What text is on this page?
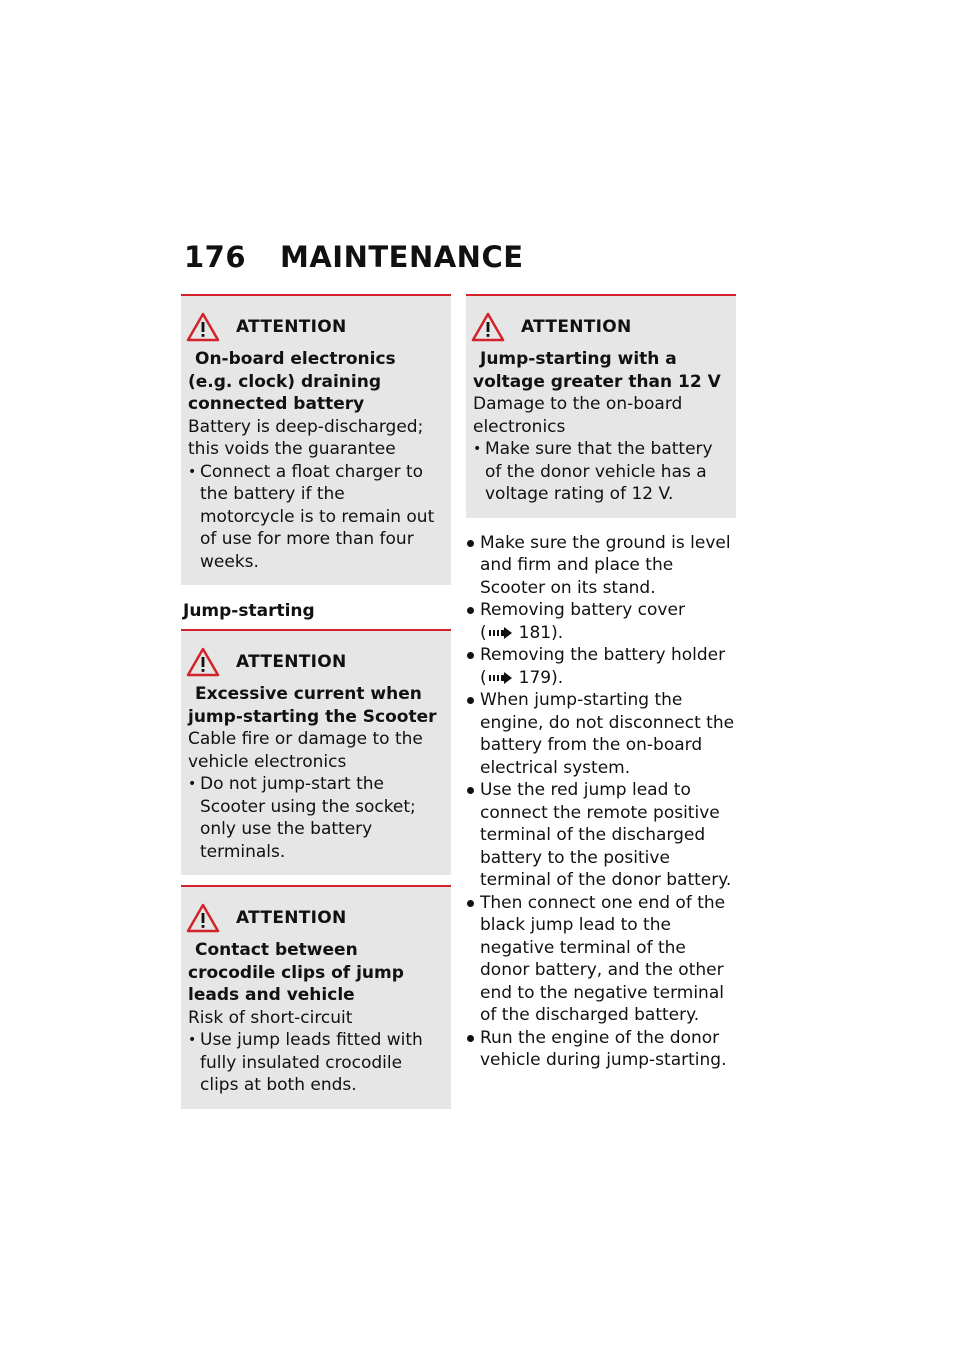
176 MAINTENANCE
ATTENTION
On-board electronics (e.g. clock) draining connected battery

Battery is deep-discharged; this voids the guarantee

• Connect a float charger to the battery if the motorcycle is to remain out of use for more than four weeks.
Jump-starting
ATTENTION
Excessive current when jump-starting the Scooter

Cable fire or damage to the vehicle electronics

• Do not jump-start the Scooter using the socket; only use the battery terminals.
ATTENTION
Contact between crocodile clips of jump leads and vehicle

Risk of short-circuit

• Use jump leads fitted with fully insulated crocodile clips at both ends.
ATTENTION
Jump-starting with a voltage greater than 12 V

Damage to the on-board electronics

• Make sure that the battery of the donor vehicle has a voltage rating of 12 V.
Make sure the ground is level and firm and place the Scooter on its stand.
Removing battery cover

( 181).
Removing the battery holder

( 179).
When jump-starting the engine, do not disconnect the battery from the on-board electrical system.
Use the red jump lead to connect the remote positive terminal of the discharged battery to the positive terminal of the donor battery.
Then connect one end of the black jump lead to the negative terminal of the donor battery, and the other end to the negative terminal of the discharged battery.
Run the engine of the donor vehicle during jump-starting.
